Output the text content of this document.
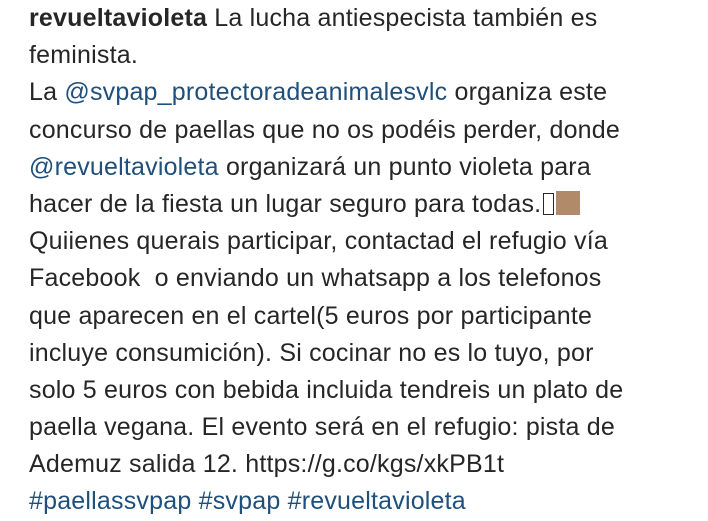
revueltavioleta La lucha antiespecista también es
feminista.
La @svpap_protectoradeanimalesvlc organiza este
concurso de paellas que no os podéis perder, donde
@revueltavioleta organizará un punto violeta para
hacer de la fiesta un lugar seguro para todas.
Quiienes querais participar, contactad el refugio vía
Facebook  o enviando un whatsapp a los telefonos
que aparecen en el cartel(5 euros por participante
incluye consumición). Si cocinar no es lo tuyo, por
solo 5 euros con bebida incluida tendreis un plato de
paella vegana. El evento será en el refugio: pista de
Ademuz salida 12. https://g.co/kgs/xkPB1t
#paellassvpap #svpap #revueltavioleta
